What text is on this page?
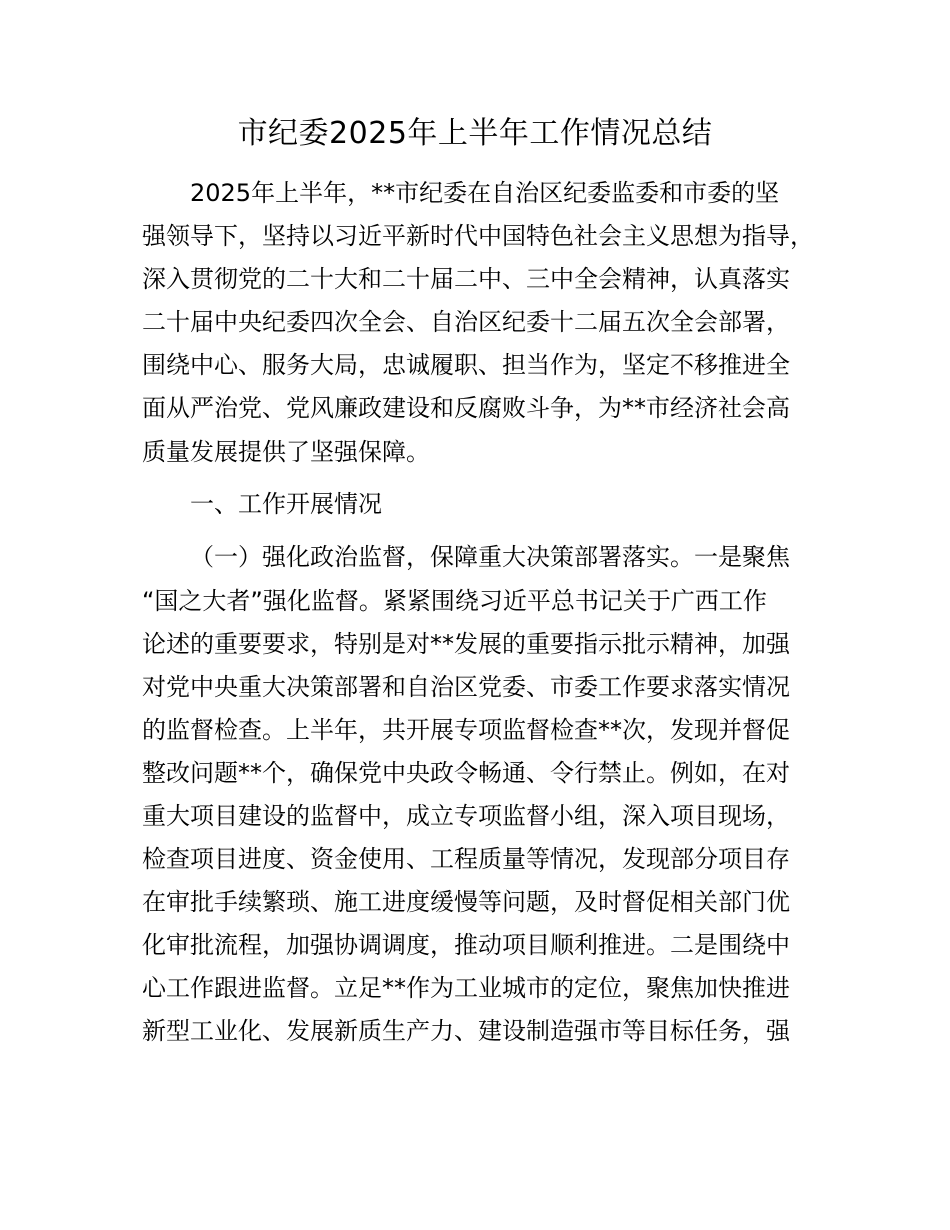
市纪委2025年上半年工作情况总结
2025年上半年，**市纪委在自治区纪委监委和市委的坚
强领导下，坚持以习近平新时代中国特色社会主义思想为指导，
深入贯彻党的二十大和二十届二中、三中全会精神，认真落实
二十届中央纪委四次全会、自治区纪委十二届五次全会部署，
围绕中心、服务大局，忠诚履职、担当作为，坚定不移推进全
面从严治党、党风廉政建设和反腐败斗争，为**市经济社会高
质量发展提供了坚强保障。
一、工作开展情况
（一）强化政治监督，保障重大决策部署落实。一是聚焦
“国之大者”强化监督。紧紧围绕习近平总书记关于广西工作
论述的重要要求，特别是对**发展的重要指示批示精神，加强
对党中央重大决策部署和自治区党委、市委工作要求落实情况
的监督检查。上半年，共开展专项监督检查**次，发现并督促
整改问题**个，确保党中央政令畅通、令行禁止。例如，在对
重大项目建设的监督中，成立专项监督小组，深入项目现场，
检查项目进度、资金使用、工程质量等情况，发现部分项目存
在审批手续繁琐、施工进度缓慢等问题，及时督促相关部门优
化审批流程，加强协调调度，推动项目顺利推进。二是围绕中
心工作跟进监督。立足**作为工业城市的定位，聚焦加快推进
新型工业化、发展新质生产力、建设制造强市等目标任务，强
